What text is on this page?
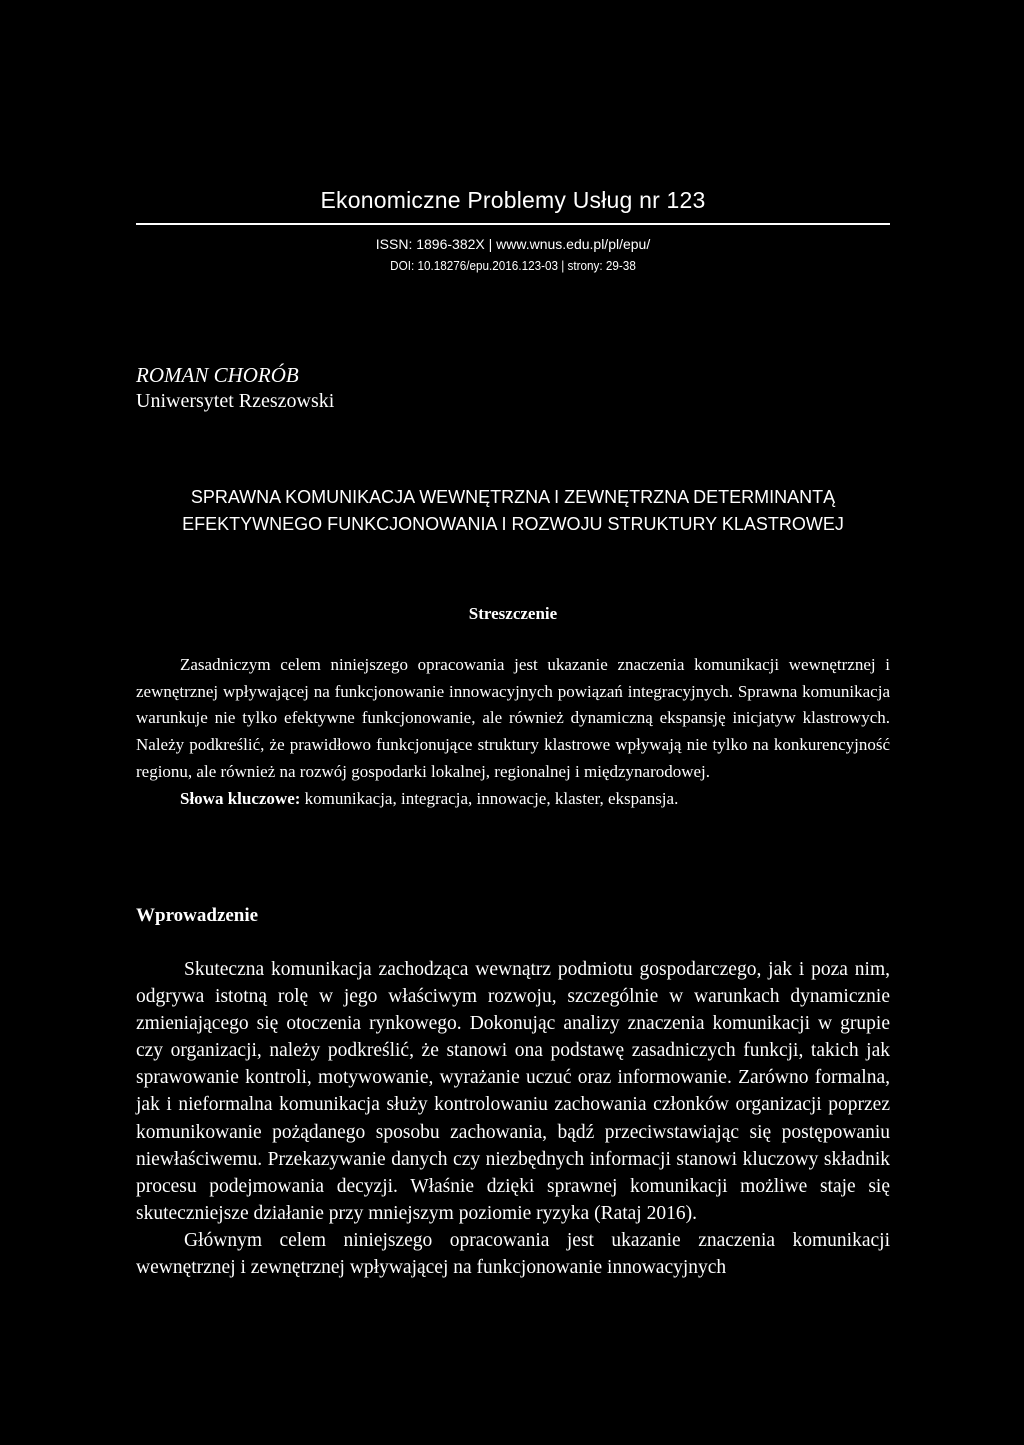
Ekonomiczne Problemy Usług nr 123
ISSN: 1896-382X | www.wnus.edu.pl/pl/epu/
DOI: 10.18276/epu.2016.123-03 | strony: 29-38
ROMAN CHORÓB
Uniwersytet Rzeszowski
SPRAWNA KOMUNIKACJA WEWNĘTRZNA I ZEWNĘTRZNA DETERMINANTĄ
EFEKTYWNEGO FUNKCJONOWANIA I ROZWOJU STRUKTURY KLASTROWEJ
Streszczenie

Zasadniczym celem niniejszego opracowania jest ukazanie znaczenia komunikacji wewnętrznej i zewnętrznej wpływającej na funkcjonowanie innowacyjnych powiązań integracyjnych. Sprawna komunikacja warunkuje nie tylko efektywne funkcjonowanie, ale również dynamiczną ekspansję inicjatyw klastrowych. Należy podkreślić, że prawidłowo funkcjonujące struktury klastrowe wpływają nie tylko na konkurencyjność regionu, ale również na rozwój gospodarki lokalnej, regionalnej i międzynarodowej.

Słowa kluczowe: komunikacja, integracja, innowacje, klaster, ekspansja.

Wprowadzenie

Skuteczna komunikacja zachodząca wewnątrz podmiotu gospodarczego, jak i poza nim, odgrywa istotną rolę w jego właściwym rozwoju, szczególnie w warunkach dynamicznie zmieniającego się otoczenia rynkowego. Dokonując analizy znaczenia komunikacji w grupie czy organizacji, należy podkreślić, że stanowi ona podstawę zasadniczych funkcji, takich jak sprawowanie kontroli, motywowanie, wyrażanie uczuć oraz informowanie. Zarówno formalna, jak i nieformalna komunikacja służy kontrolowaniu zachowania członków organizacji poprzez komunikowanie pożądanego sposobu zachowania, bądź przeciwstawiając się postępowaniu niewłaściwemu. Przekazywanie danych czy niezbędnych informacji stanowi kluczowy składnik procesu podejmowania decyzji. Właśnie dzięki sprawnej komunikacji możliwe staje się skuteczniejsze działanie przy mniejszym poziomie ryzyka (Rataj 2016).

Głównym celem niniejszego opracowania jest ukazanie znaczenia komunikacji wewnętrznej i zewnętrznej wpływającej na funkcjonowanie innowacyjnych
